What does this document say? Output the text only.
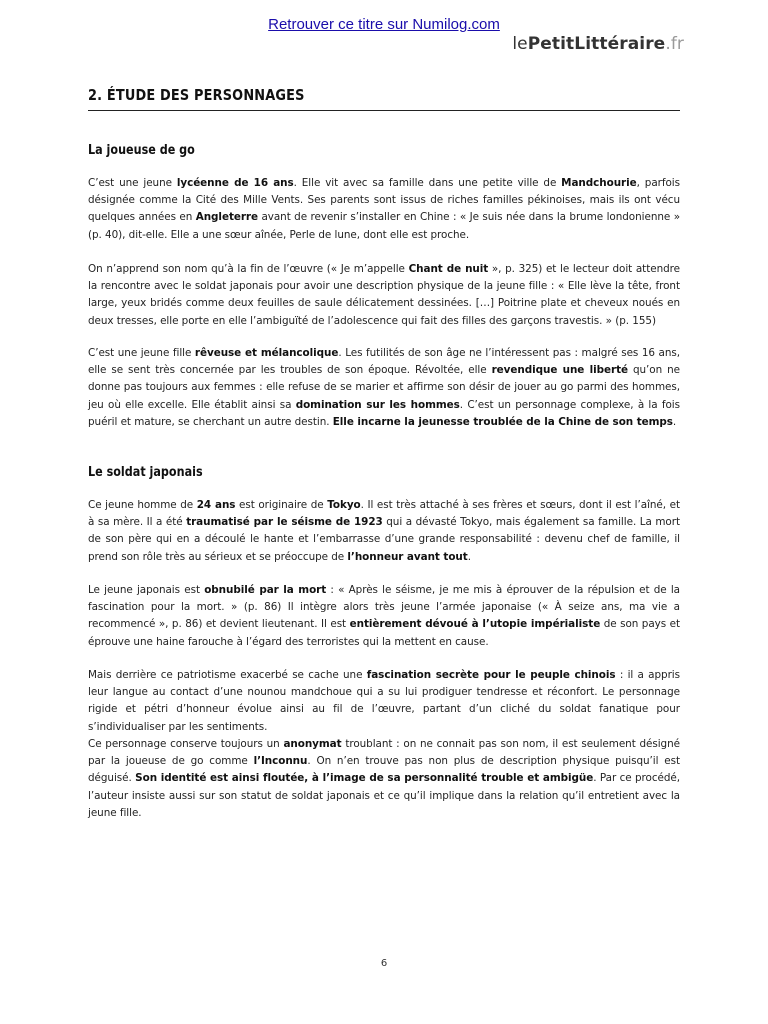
Retrouver ce titre sur Numilog.com
lePetitLittéraire.fr
2. ÉTUDE DES PERSONNAGES
La joueuse de go
C’est une jeune lycéenne de 16 ans. Elle vit avec sa famille dans une petite ville de Mandchourie, parfois désignée comme la Cité des Mille Vents. Ses parents sont issus de riches familles pékinoises, mais ils ont vécu quelques années en Angleterre avant de revenir s’installer en Chine : « Je suis née dans la brume londonienne » (p. 40), dit-elle. Elle a une sœur aînée, Perle de lune, dont elle est proche.
On n’apprend son nom qu’à la fin de l’œuvre (« Je m’appelle Chant de nuit », p. 325) et le lecteur doit attendre la rencontre avec le soldat japonais pour avoir une description physique de la jeune fille : « Elle lève la tête, front large, yeux bridés comme deux feuilles de saule délicatement dessinées. […] Poitrine plate et cheveux noués en deux tresses, elle porte en elle l’ambiguïté de l’adolescence qui fait des filles des garçons travestis. » (p. 155)
C’est une jeune fille rêveuse et mélancolique. Les futilités de son âge ne l’intéressent pas : malgré ses 16 ans, elle se sent très concernée par les troubles de son époque. Révoltée, elle revendique une liberté qu’on ne donne pas toujours aux femmes : elle refuse de se marier et affirme son désir de jouer au go parmi des hommes, jeu où elle excelle. Elle établit ainsi sa domination sur les hommes. C’est un personnage complexe, à la fois puéril et mature, se cherchant un autre destin. Elle incarne la jeunesse troublée de la Chine de son temps.
Le soldat japonais
Ce jeune homme de 24 ans est originaire de Tokyo. Il est très attaché à ses frères et sœurs, dont il est l’aîné, et à sa mère. Il a été traumatisé par le séisme de 1923 qui a dévasté Tokyo, mais également sa famille. La mort de son père qui en a découlé le hante et l’embarrasse d’une grande responsabilité : devenu chef de famille, il prend son rôle très au sérieux et se préoccupe de l’honneur avant tout.
Le jeune japonais est obnubilé par la mort : « Après le séisme, je me mis à éprouver de la répulsion et de la fascination pour la mort. » (p. 86) Il intègre alors très jeune l’armée japonaise (« À seize ans, ma vie a recommencé », p. 86) et devient lieutenant. Il est entièrement dévoué à l’utopie impérialiste de son pays et éprouve une haine farouche à l’égard des terroristes qui la mettent en cause.
Mais derrière ce patriotisme exacerbé se cache une fascination secrète pour le peuple chinois : il a appris leur langue au contact d’une nounou mandchoue qui a su lui prodiguer tendresse et réconfort. Le personnage rigide et pétri d’honneur évolue ainsi au fil de l’œuvre, partant d’un cliché du soldat fanatique pour s’individualiser par les sentiments.
Ce personnage conserve toujours un anonymat troublant : on ne connait pas son nom, il est seulement désigné par la joueuse de go comme l’Inconnu. On n’en trouve pas non plus de description physique puisqu’il est déguisé. Son identité est ainsi floutée, à l’image de sa personnalité trouble et ambigüe. Par ce procédé, l’auteur insiste aussi sur son statut de soldat japonais et ce qu’il implique dans la relation qu’il entretient avec la jeune fille.
6
